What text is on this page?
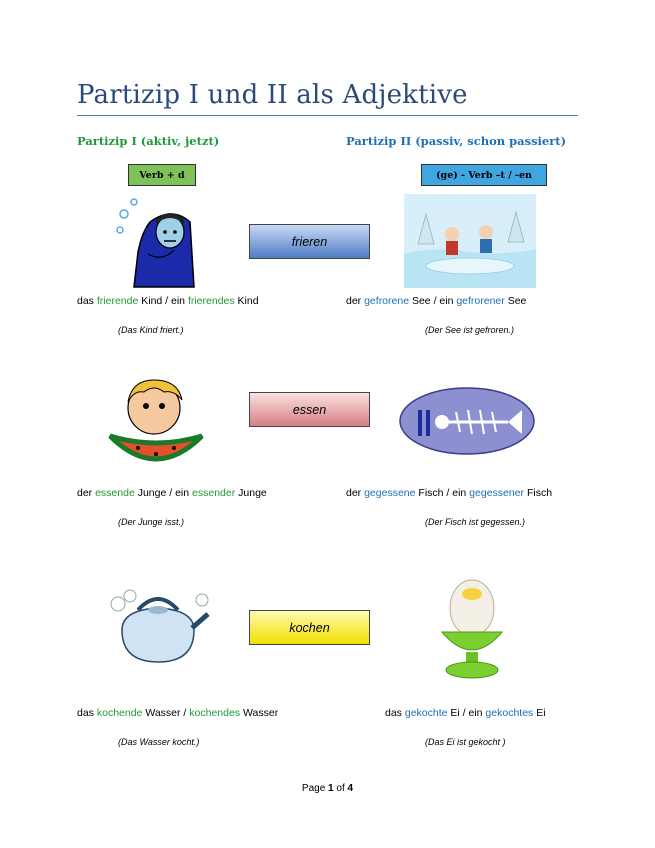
Partizip I und II als Adjektive
Partizip I (aktiv, jetzt)	Partizip II (passiv, schon passiert)
Verb + d	(ge) - Verb –t / -en
frieren
essen
kochen
das frierende Kind / ein frierendes Kind
(Das Kind friert.)
der gefrorene See / ein gefrorener See
(Der See ist gefroren.)
der essende Junge / ein essender Junge
(Der Junge isst.)
der gegessene Fisch / ein gegessener Fisch
(Der Fisch ist gegessen.)
das kochende Wasser / kochendes Wasser
(Das Wasser kocht.)
das gekochte Ei / ein gekochtes Ei
(Das Ei ist gekocht )
Page 1 of 4
